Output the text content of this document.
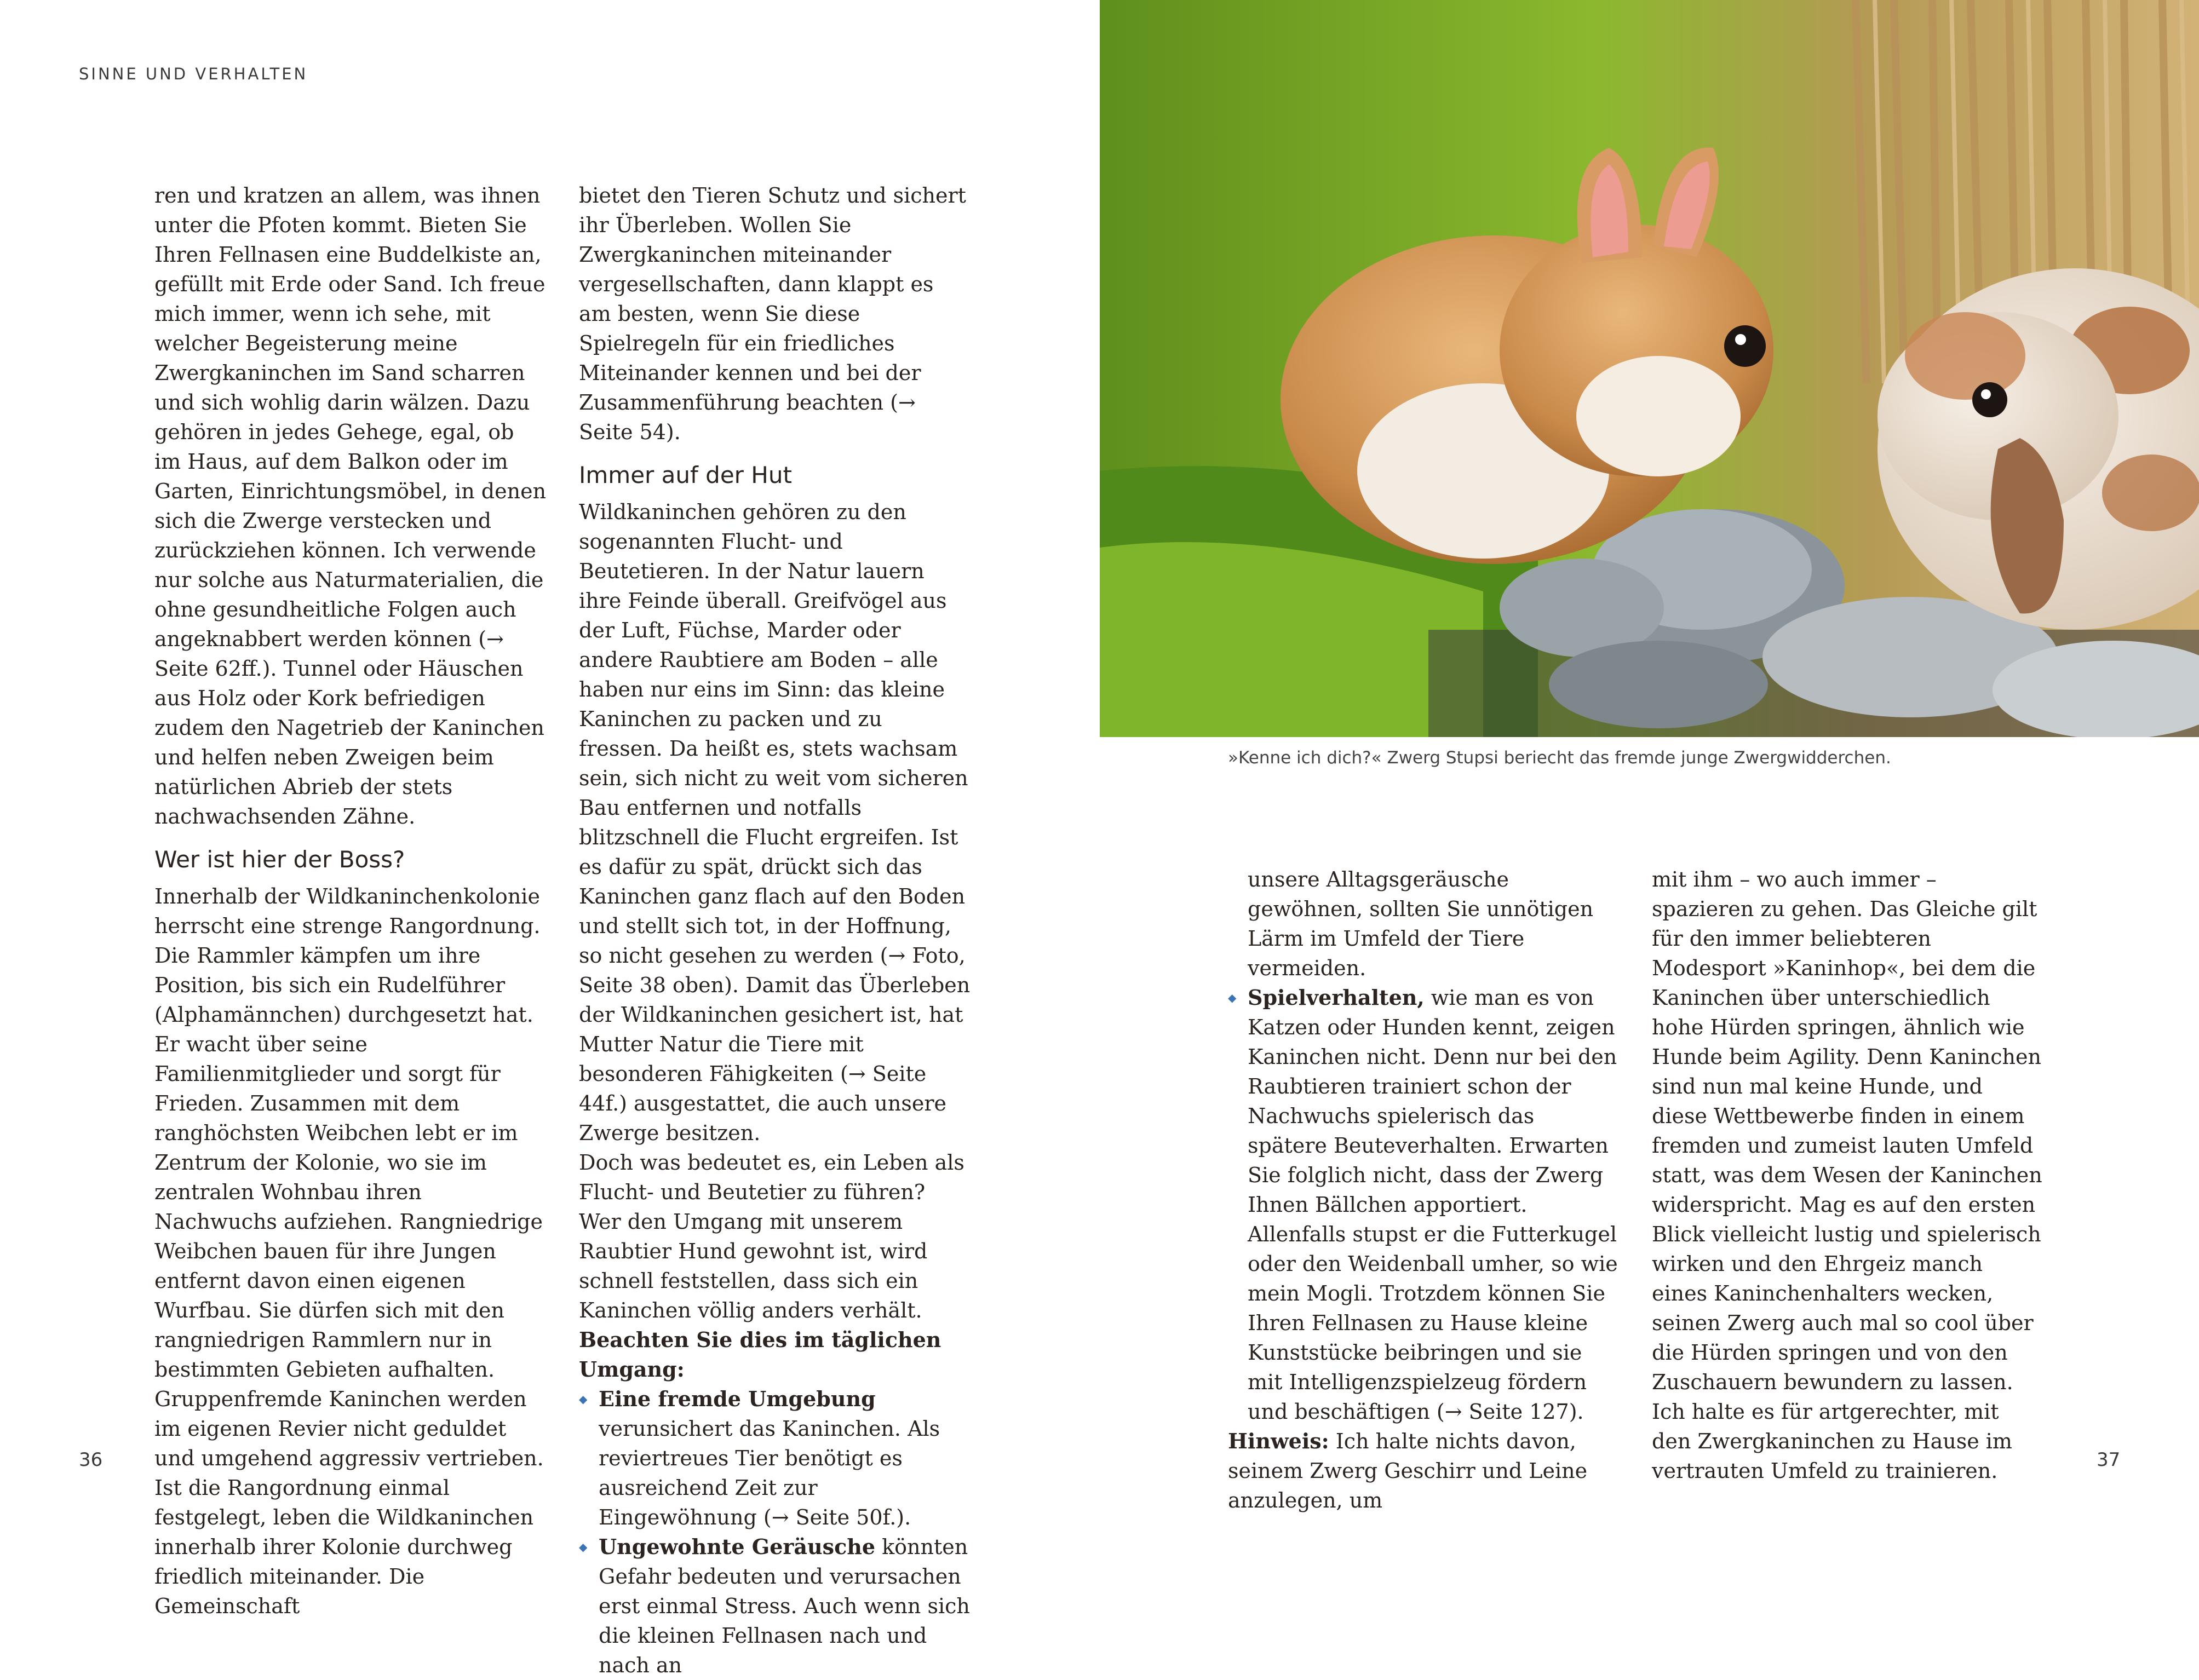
SINNE UND VERHALTEN

ren und kratzen an allem, was ihnen unter die Pfoten kommt. Bieten Sie Ihren Fellnasen eine Buddelkiste an, gefüllt mit Erde oder Sand. Ich freue mich immer, wenn ich sehe, mit welcher Begeisterung meine Zwergkaninchen im Sand scharren und sich wohlig darin wälzen. Dazu gehören in jedes Gehege, egal, ob im Haus, auf dem Balkon oder im Garten, Einrichtungsmöbel, in denen sich die Zwerge verstecken und zurückziehen können. Ich verwende nur solche aus Naturmaterialien, die ohne gesundheitliche Folgen auch angeknabbert werden können (→ Seite 62ff.). Tunnel oder Häuschen aus Holz oder Kork befriedigen zudem den Nagetrieb der Kaninchen und helfen neben Zweigen beim natürlichen Abrieb der stets nachwachsenden Zähne.

Wer ist hier der Boss?

Innerhalb der Wildkaninchenkolonie herrscht eine strenge Rangordnung. Die Rammler kämpfen um ihre Position, bis sich ein Rudelführer (Alphamännchen) durchgesetzt hat. Er wacht über seine Familienmitglieder und sorgt für Frieden. Zusammen mit dem ranghöchsten Weibchen lebt er im Zentrum der Kolonie, wo sie im zentralen Wohnbau ihren Nachwuchs aufziehen. Rangniedrige Weibchen bauen für ihre Jungen entfernt davon einen eigenen Wurfbau. Sie dürfen sich mit den rangniedrigen Rammlern nur in bestimmten Gebieten aufhalten. Gruppenfremde Kaninchen werden im eigenen Revier nicht geduldet und umgehend aggressiv vertrieben. Ist die Rangordnung einmal festgelegt, leben die Wildkaninchen innerhalb ihrer Kolonie durchweg friedlich miteinander. Die Gemeinschaft

bietet den Tieren Schutz und sichert ihr Überleben. Wollen Sie Zwergkaninchen miteinander vergesellschaften, dann klappt es am besten, wenn Sie diese Spielregeln für ein friedliches Miteinander kennen und bei der Zusammenführung beachten (→ Seite 54).

Immer auf der Hut

Wildkaninchen gehören zu den sogenannten Flucht- und Beutetieren. In der Natur lauern ihre Feinde überall. Greifvögel aus der Luft, Füchse, Marder oder andere Raubtiere am Boden – alle haben nur eins im Sinn: das kleine Kaninchen zu packen und zu fressen. Da heißt es, stets wachsam sein, sich nicht zu weit vom sicheren Bau entfernen und notfalls blitzschnell die Flucht ergreifen. Ist es dafür zu spät, drückt sich das Kaninchen ganz flach auf den Boden und stellt sich tot, in der Hoffnung, so nicht gesehen zu werden (→ Foto, Seite 38 oben). Damit das Überleben der Wildkaninchen gesichert ist, hat Mutter Natur die Tiere mit besonderen Fähigkeiten (→ Seite 44f.) ausgestattet, die auch unsere Zwerge besitzen.

Doch was bedeutet es, ein Leben als Flucht- und Beutetier zu führen? Wer den Umgang mit unserem Raubtier Hund gewohnt ist, wird schnell feststellen, dass sich ein Kaninchen völlig anders verhält.

Beachten Sie dies im täglichen Umgang:

◆ Eine fremde Umgebung verunsichert das Kaninchen. Als reviertreues Tier benötigt es ausreichend Zeit zur Eingewöhnung (→ Seite 50f.).
◆ Ungewohnte Geräusche könnten Gefahr bedeuten und verursachen erst einmal Stress. Auch wenn sich die kleinen Fellnasen nach und nach an
»Kenne ich dich?« Zwerg Stupsi beriecht das fremde junge Zwergwidderchen.
unsere Alltagsgeräusche gewöhnen, sollten Sie unnötigen Lärm im Umfeld der Tiere vermeiden.
◆ Spielverhalten, wie man es von Katzen oder Hunden kennt, zeigen Kaninchen nicht. Denn nur bei den Raubtieren trainiert schon der Nachwuchs spielerisch das spätere Beuteverhalten. Erwarten Sie folglich nicht, dass der Zwerg Ihnen Bällchen apportiert. Allenfalls stupst er die Futterkugel oder den Weidenball umher, so wie mein Mogli. Trotzdem können Sie Ihren Fellnasen zu Hause kleine Kunststücke beibringen und sie mit Intelligenzspielzeug fördern und beschäftigen (→ Seite 127).

Hinweis: Ich halte nichts davon, seinem Zwerg Geschirr und Leine anzulegen, um

mit ihm – wo auch immer – spazieren zu gehen. Das Gleiche gilt für den immer beliebteren Modesport »Kaninhop«, bei dem die Kaninchen über unterschiedlich hohe Hürden springen, ähnlich wie Hunde beim Agility. Denn Kaninchen sind nun mal keine Hunde, und diese Wettbewerbe finden in einem fremden und zumeist lauten Umfeld statt, was dem Wesen der Kaninchen widerspricht. Mag es auf den ersten Blick vielleicht lustig und spielerisch wirken und den Ehrgeiz manch eines Kaninchenhalters wecken, seinen Zwerg auch mal so cool über die Hürden springen und von den Zuschauern bewundern zu lassen. Ich halte es für artgerechter, mit den Zwergkaninchen zu Hause im vertrauten Umfeld zu trainieren.

36	37
